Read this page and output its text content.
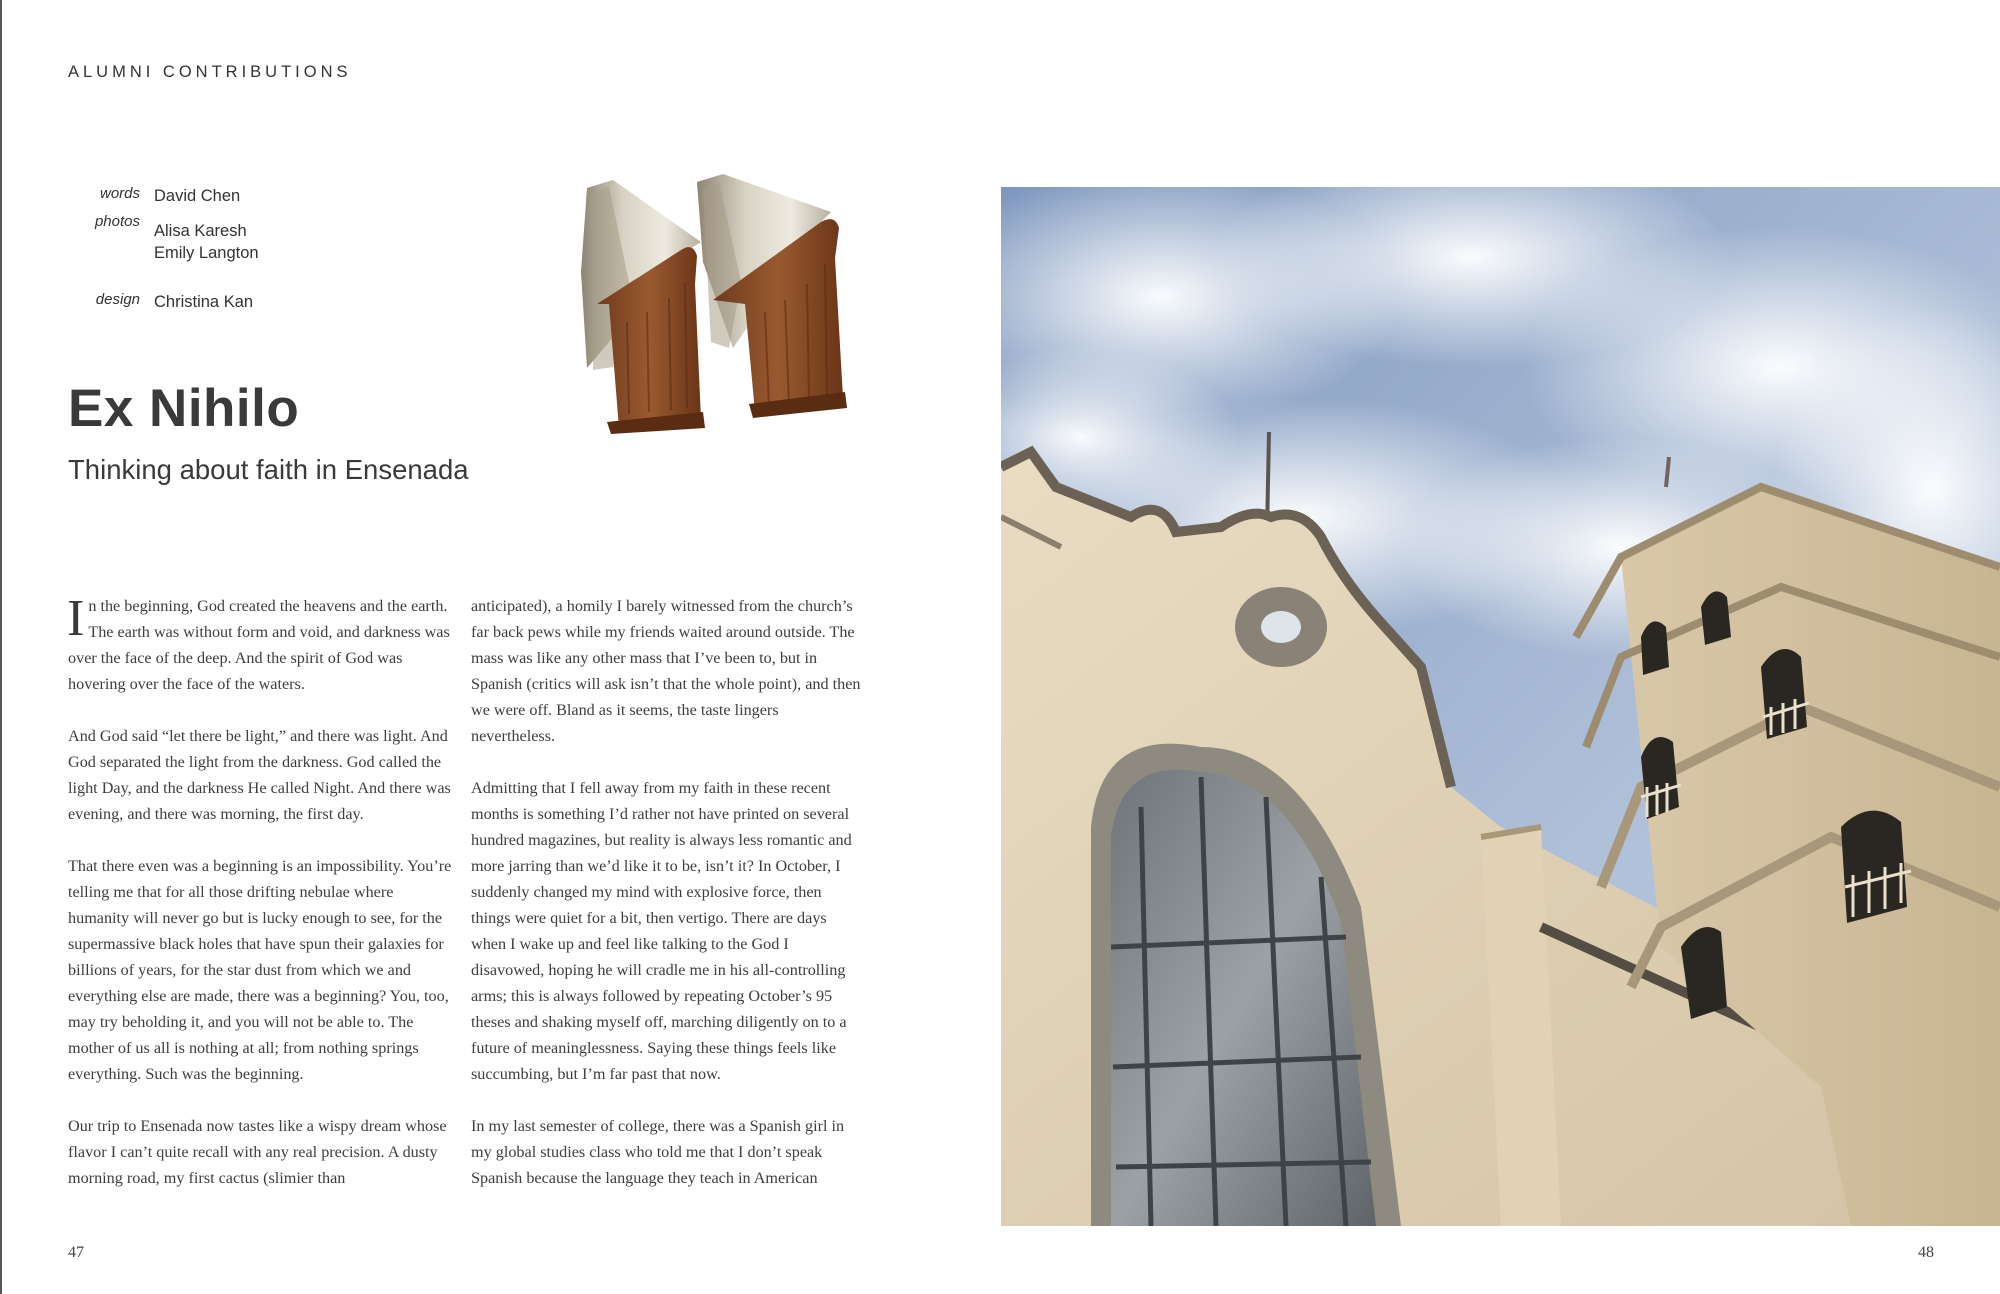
ALUMNI CONTRIBUTIONS
words David Chen
photos
Alisa Karesh
Emily Langton
design Christina Kan
Ex Nihilo
Thinking about faith in Ensenada

In the beginning, God created the heavens and the earth. The earth was without form and void, and darkness was over the face of the deep. And the spirit of God was hovering over the face of the waters.

And God said “let there be light,” and there was light. And God separated the light from the darkness. God called the light Day, and the darkness He called Night. And there was evening, and there was morning, the first day.

That there even was a beginning is an impossibility. You’re telling me that for all those drifting nebulae where humanity will never go but is lucky enough to see, for the supermassive black holes that have spun their galaxies for billions of years, for the star dust from which we and everything else are made, there was a beginning? You, too, may try beholding it, and you will not be able to. The mother of us all is nothing at all; from nothing springs everything. Such was the beginning.

Our trip to Ensenada now tastes like a wispy dream whose flavor I can’t quite recall with any real precision. A dusty morning road, my first cactus (slimier than

anticipated), a homily I barely witnessed from the church’s far back pews while my friends waited around outside. The mass was like any other mass that I’ve been to, but in Spanish (critics will ask isn’t that the whole point), and then we were off. Bland as it seems, the taste lingers nevertheless.

Admitting that I fell away from my faith in these recent months is something I’d rather not have printed on several hundred magazines, but reality is always less romantic and more jarring than we’d like it to be, isn’t it? In October, I suddenly changed my mind with explosive force, then things were quiet for a bit, then vertigo. There are days when I wake up and feel like talking to the God I disavowed, hoping he will cradle me in his all-controlling arms; this is always followed by repeating October’s 95 theses and shaking myself off, marching diligently on to a future of meaninglessness. Saying these things feels like succumbing, but I’m far past that now.

In my last semester of college, there was a Spanish girl in my global studies class who told me that I don’t speak Spanish because the language they teach in American

47	48
